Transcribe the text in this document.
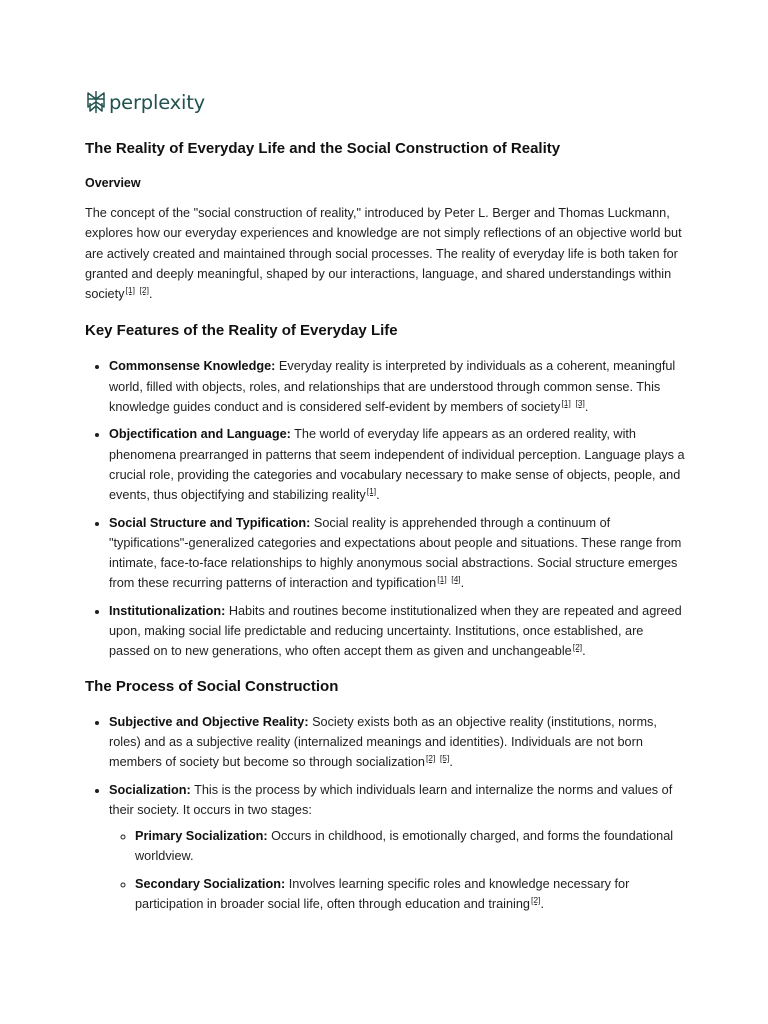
perplexity
The Reality of Everyday Life and the Social Construction of Reality
Overview

The concept of the "social construction of reality," introduced by Peter L. Berger and Thomas Luckmann, explores how our everyday experiences and knowledge are not simply reflections of an objective world but are actively created and maintained through social processes. The reality of everyday life is both taken for granted and deeply meaningful, shaped by our interactions, language, and shared understandings within society[1] [2].

Key Features of the Reality of Everyday Life
• Commonsense Knowledge: Everyday reality is interpreted by individuals as a coherent, meaningful world, filled with objects, roles, and relationships that are understood through common sense. This knowledge guides conduct and is considered self-evident by members of society[1] [3].
• Objectification and Language: The world of everyday life appears as an ordered reality, with phenomena prearranged in patterns that seem independent of individual perception. Language plays a crucial role, providing the categories and vocabulary necessary to make sense of objects, people, and events, thus objectifying and stabilizing reality[1].
• Social Structure and Typification: Social reality is apprehended through a continuum of "typifications"-generalized categories and expectations about people and situations. These range from intimate, face-to-face relationships to highly anonymous social abstractions. Social structure emerges from these recurring patterns of interaction and typification[1] [4].
• Institutionalization: Habits and routines become institutionalized when they are repeated and agreed upon, making social life predictable and reducing uncertainty. Institutions, once established, are passed on to new generations, who often accept them as given and unchangeable[2].
The Process of Social Construction
• Subjective and Objective Reality: Society exists both as an objective reality (institutions, norms, roles) and as a subjective reality (internalized meanings and identities). Individuals are not born members of society but become so through socialization[2] [5].
• Socialization: This is the process by which individuals learn and internalize the norms and values of their society. It occurs in two stages:
◦ Primary Socialization: Occurs in childhood, is emotionally charged, and forms the foundational worldview.
◦ Secondary Socialization: Involves learning specific roles and knowledge necessary for participation in broader social life, often through education and training[2].
